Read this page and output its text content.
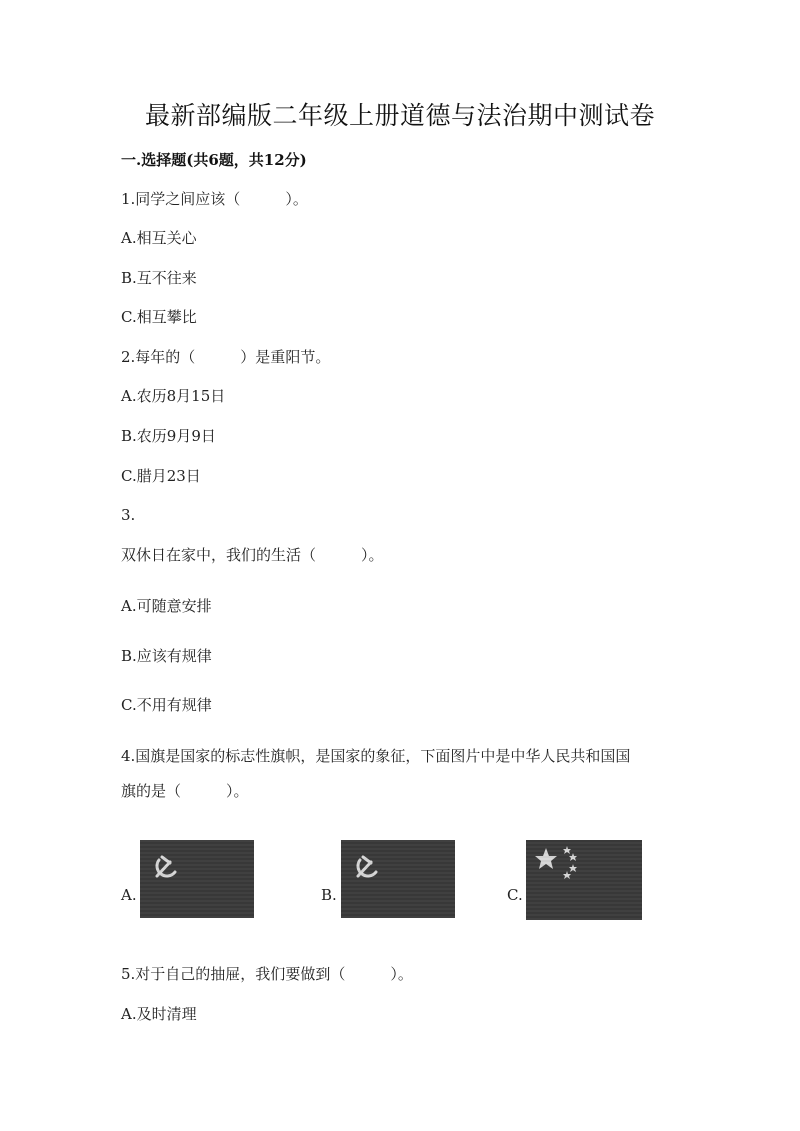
最新部编版二年级上册道德与法治期中测试卷
一.选择题(共6题，共12分)
1.同学之间应该（　　　）。
A.相互关心
B.互不往来
C.相互攀比
2.每年的（　　　）是重阳节。
A.农历8月15日
B.农历9月9日
C.腊月23日
3.
双休日在家中，我们的生活（　　　）。
A.可随意安排
B.应该有规律
C.不用有规律
4.国旗是国家的标志性旗帜，是国家的象征，下面图片中是中华人民共和国国
旗的是（　　　）。
A.	B.	C.
5.对于自己的抽屉，我们要做到（　　　）。
A.及时清理
